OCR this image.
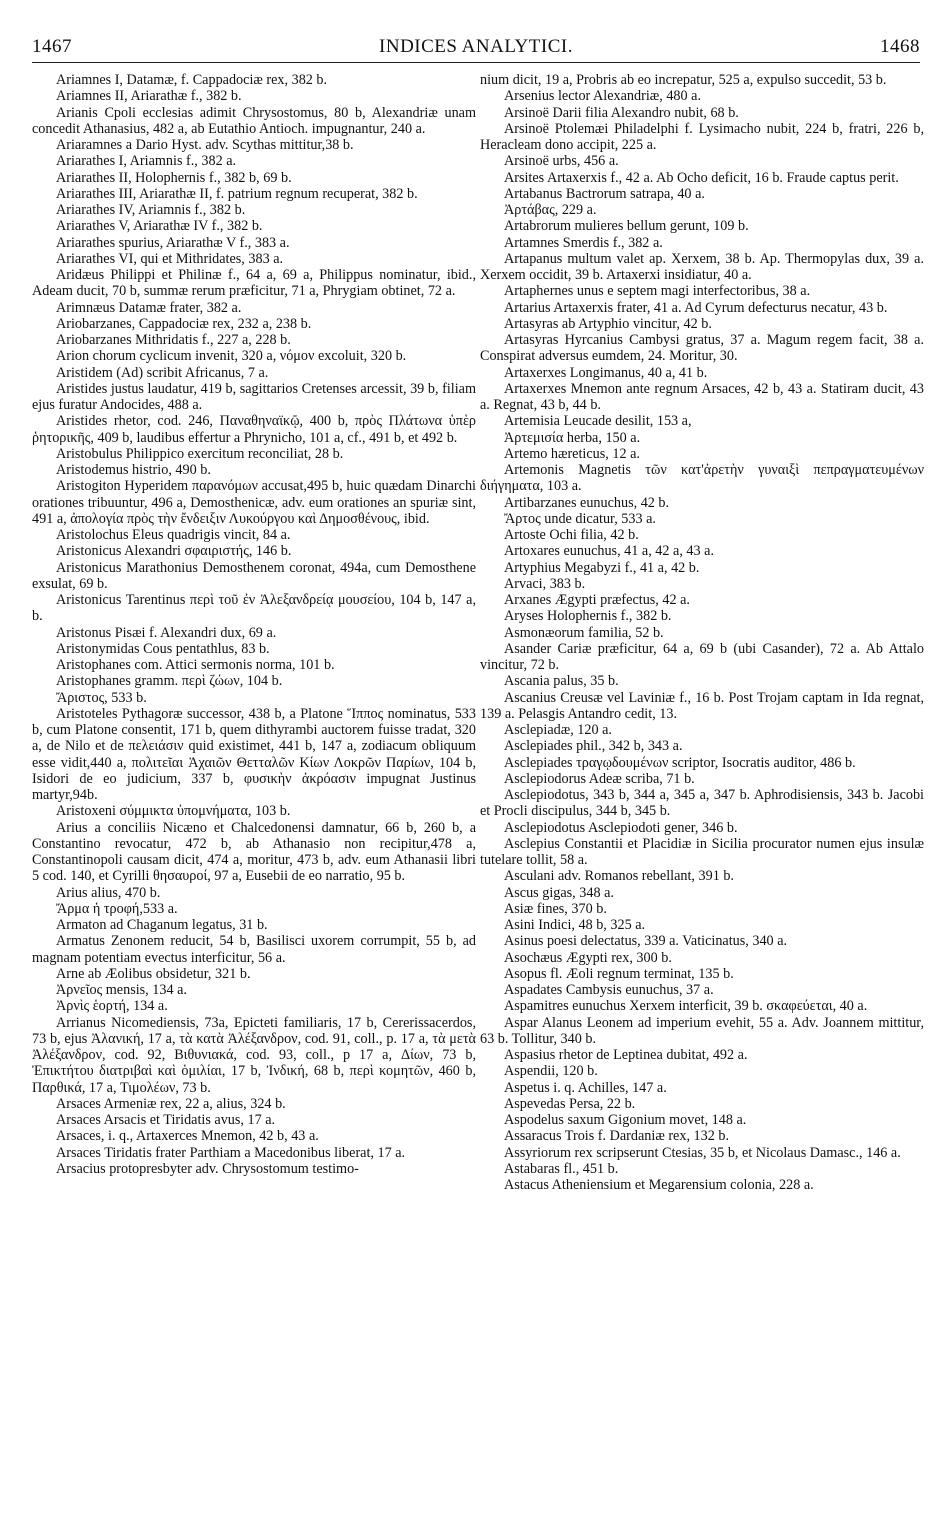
1467	INDICES ANALYTICI.	1468

Ariamnes I, Datamæ, f. Cappadociæ rex, 382 b.

Ariamnes II, Ariarathæ f., 382 b.

Arianis Cpoli ecclesias adimit Chrysostomus, 80 b, Alexandriæ unam concedit Athanasius, 482 a, ab Eutathio Antioch. impugnantur, 240 a.

Ariaramnes a Dario Hyst. adv. Scythas mittitur,38 b.

Ariarathes I, Ariamnis f., 382 a.

Ariarathes II, Holophernis f., 382 b, 69 b.

Ariarathes III, Ariarathæ II, f. patrium regnum recuperat, 382 b.

Ariarathes IV, Ariamnis f., 382 b.

Ariarathes V, Ariarathæ IV f., 382 b.

Ariarathes spurius, Ariarathæ V f., 383 a.

Ariarathes VI, qui et Mithridates, 383 a.

Aridæus Philippi et Philinæ f., 64 a, 69 a, Philippus nominatur, ibid., Adeam ducit, 70 b, summæ rerum præficitur, 71 a, Phrygiam obtinet, 72 a.

Arimnæus Datamæ frater, 382 a.

Ariobarzanes, Cappadociæ rex, 232 a, 238 b.

Ariobarzanes Mithridatis f., 227 a, 228 b.

Arion chorum cyclicum invenit, 320 a, νόμον excoluit, 320 b.

Aristidem (Ad) scribit Africanus, 7 a.

Aristides justus laudatur, 419 b, sagittarios Cretenses arcessit, 39 b, filiam ejus furatur Andocides, 488 a.

Aristides rhetor, cod. 246, Παναθηναϊκῷ, 400 b, πρὸς Πλάτωνα ὑπὲρ ῥητορικῆς, 409 b, laudibus effertur a Phrynicho, 101 a, cf., 491 b, et 492 b.

Aristobulus Philippico exercitum reconciliat, 28 b.

Aristodemus histrio, 490 b.

Aristogiton Hyperidem παρανόμων accusat,495 b, huic quædam Dinarchi orationes tribuuntur, 496 a, Demosthenicæ, adv. eum orationes an spuriæ sint, 491 a, ἀπολογία πρὸς τὴν ἔνδειξιν Λυκούργου καὶ Δημοσθένους, ibid.

Aristolochus Eleus quadrigis vincit, 84 a.

Aristonicus Alexandri σφαιριστής, 146 b.

Aristonicus Marathonius Demosthenem coronat, 494a, cum Demosthene exsulat, 69 b.

Aristonicus Tarentinus περὶ τοῦ ἐν Ἀλεξανδρείᾳ μουσείου, 104 b, 147 a, b.

Aristonus Pisæi f. Alexandri dux, 69 a.

Aristonymidas Cous pentathlus, 83 b.

Aristophanes com. Attici sermonis norma, 101 b.

Aristophanes gramm. περὶ ζώων, 104 b.

Ἄριστος, 533 b.

Aristoteles Pythagoræ successor, 438 b, a Platone Ἵππος nominatus, 533 b, cum Platone consentit, 171 b, quem dithyrambi auctorem fuisse tradat, 320 a, de Nilo et de πελειάσιν quid existimet, 441 b, 147 a, zodiacum obliquum esse vidit,440 a, πολιτεῖαι Ἀχαιῶν Θετταλῶν Κίων Λοκρῶν Παρίων, 104 b, Isidori de eo judicium, 337 b, φυσικὴν ἀκρόασιν impugnat Justinus martyr,94b.

Aristoxeni σύμμικτα ὑπομνήματα, 103 b.

Arius a conciliis Nicæno et Chalcedonensi damnatur, 66 b, 260 b, a Constantino revocatur, 472 b, ab Athanasio non recipitur,478 a, Constantinopoli causam dicit, 474 a, moritur, 473 b, adv. eum Athanasii libri 5 cod. 140, et Cyrilli θησαυροί, 97 a, Eusebii de eo narratio, 95 b.

Arius alius, 470 b.

Ἄρμα ἡ τροφή,533 a.

Armaton ad Chaganum legatus, 31 b.

Armatus Zenonem reducit, 54 b, Basilisci uxorem corrumpit, 55 b, ad magnam potentiam evectus interficitur, 56 a.

Arne ab Æolibus obsidetur, 321 b.

Ἀρνεῖος mensis, 134 a.

Ἀρνὶς ἑορτή, 134 a.

Arrianus Nicomediensis, 73a, Epicteti familiaris, 17 b, Cererissacerdos, 73 b, ejus Ἀλανική, 17 a, τὰ κατὰ Ἀλέξανδρον, cod. 91, coll., p. 17 a, τὰ μετὰ Ἀλέξανδρον, cod. 92, Βιθυνιακά, cod. 93, coll., p 17 a, Δίων, 73 b, Ἐπικτήτου διατριβαὶ καὶ ὁμιλίαι, 17 b, Ἰνδική, 68 b, περὶ κομητῶν, 460 b, Παρθικά, 17 a, Τιμολέων, 73 b.

Arsaces Armeniæ rex, 22 a, alius, 324 b.

Arsaces Arsacis et Tiridatis avus, 17 a.

Arsaces, i. q., Artaxerces Mnemon, 42 b, 43 a.

Arsaces Tiridatis frater Parthiam a Macedonibus liberat, 17 a.

Arsacius protopresbyter adv. Chrysostomum testimo-

nium dicit, 19 a, Probris ab eo increpatur, 525 a, expulso succedit, 53 b.

Arsenius lector Alexandriæ, 480 a.

Arsinoë Darii filia Alexandro nubit, 68 b.

Arsinoë Ptolemæi Philadelphi f. Lysimacho nubit, 224 b, fratri, 226 b, Heracleam dono accipit, 225 a.

Arsinoë urbs, 456 a.

Arsites Artaxerxis f., 42 a. Ab Ocho deficit, 16 b. Fraude captus perit.

Artabanus Bactrorum satrapa, 40 a.

Ἀρτάβας, 229 a.

Artabrorum mulieres bellum gerunt, 109 b.

Artamnes Smerdis f., 382 a.

Artapanus multum valet ap. Xerxem, 38 b. Ap. Thermopylas dux, 39 a. Xerxem occidit, 39 b. Artaxerxi insidiatur, 40 a.

Artaphernes unus e septem magi interfectoribus, 38 a.

Artarius Artaxerxis frater, 41 a. Ad Cyrum defecturus necatur, 43 b.

Artasyras ab Artyphio vincitur, 42 b.

Artasyras Hyrcanius Cambysi gratus, 37 a. Magum regem facit, 38 a. Conspirat adversus eumdem, 24. Moritur, 30.

Artaxerxes Longimanus, 40 a, 41 b.

Artaxerxes Mnemon ante regnum Arsaces, 42 b, 43 a. Statiram ducit, 43 a. Regnat, 43 b, 44 b.

Artemisia Leucade desilit, 153 a,

Ἀρτεμισία herba, 150 a.

Artemo hæreticus, 12 a.

Artemonis Magnetis τῶν κατ'ἀρετὴν γυναιξὶ πεπραγματευμένων διήγηματα, 103 a.

Artibarzanes eunuchus, 42 b.

Ἄρτος unde dicatur, 533 a.

Artoste Ochi filia, 42 b.

Artoxares eunuchus, 41 a, 42 a, 43 a.

Artyphius Megabyzi f., 41 a, 42 b.

Arvaci, 383 b.

Arxanes Ægypti præfectus, 42 a.

Aryses Holophernis f., 382 b.

Asmonæorum familia, 52 b.

Asander Cariæ præficitur, 64 a, 69 b (ubi Casander), 72 a. Ab Attalo vincitur, 72 b.

Ascania palus, 35 b.

Ascanius Creusæ vel Laviniæ f., 16 b. Post Trojam captam in Ida regnat, 139 a. Pelasgis Antandro cedit, 13.

Asclepiadæ, 120 a.

Asclepiades phil., 342 b, 343 a.

Asclepiades τραγῳδουμένων scriptor, Isocratis auditor, 486 b.

Asclepiodorus Adeæ scriba, 71 b.

Asclepiodotus, 343 b, 344 a, 345 a, 347 b. Aphrodisiensis, 343 b. Jacobi et Procli discipulus, 344 b, 345 b.

Asclepiodotus Asclepiodoti gener, 346 b.

Asclepius Constantii et Placidiæ in Sicilia procurator numen ejus insulæ tutelare tollit, 58 a.

Asculani adv. Romanos rebellant, 391 b.

Ascus gigas, 348 a.

Asiæ fines, 370 b.

Asini Indici, 48 b, 325 a.

Asinus poesi delectatus, 339 a. Vaticinatus, 340 a.

Asochæus Ægypti rex, 300 b.

Asopus fl. Æoli regnum terminat, 135 b.

Aspadates Cambysis eunuchus, 37 a.

Aspamitres eunuchus Xerxem interficit, 39 b. σκαφεύεται, 40 a.

Aspar Alanus Leonem ad imperium evehit, 55 a. Adv. Joannem mittitur, 63 b. Tollitur, 340 b.

Aspasius rhetor de Leptinea dubitat, 492 a.

Aspendii, 120 b.

Aspetus i. q. Achilles, 147 a.

Aspevedas Persa, 22 b.

Aspodelus saxum Gigonium movet, 148 a.

Assaracus Trois f. Dardaniæ rex, 132 b.

Assyriorum rex scripserunt Ctesias, 35 b, et Nicolaus Damasc., 146 a.

Astabaras fl., 451 b.

Astacus Atheniensium et Megarensium colonia, 228 a.
